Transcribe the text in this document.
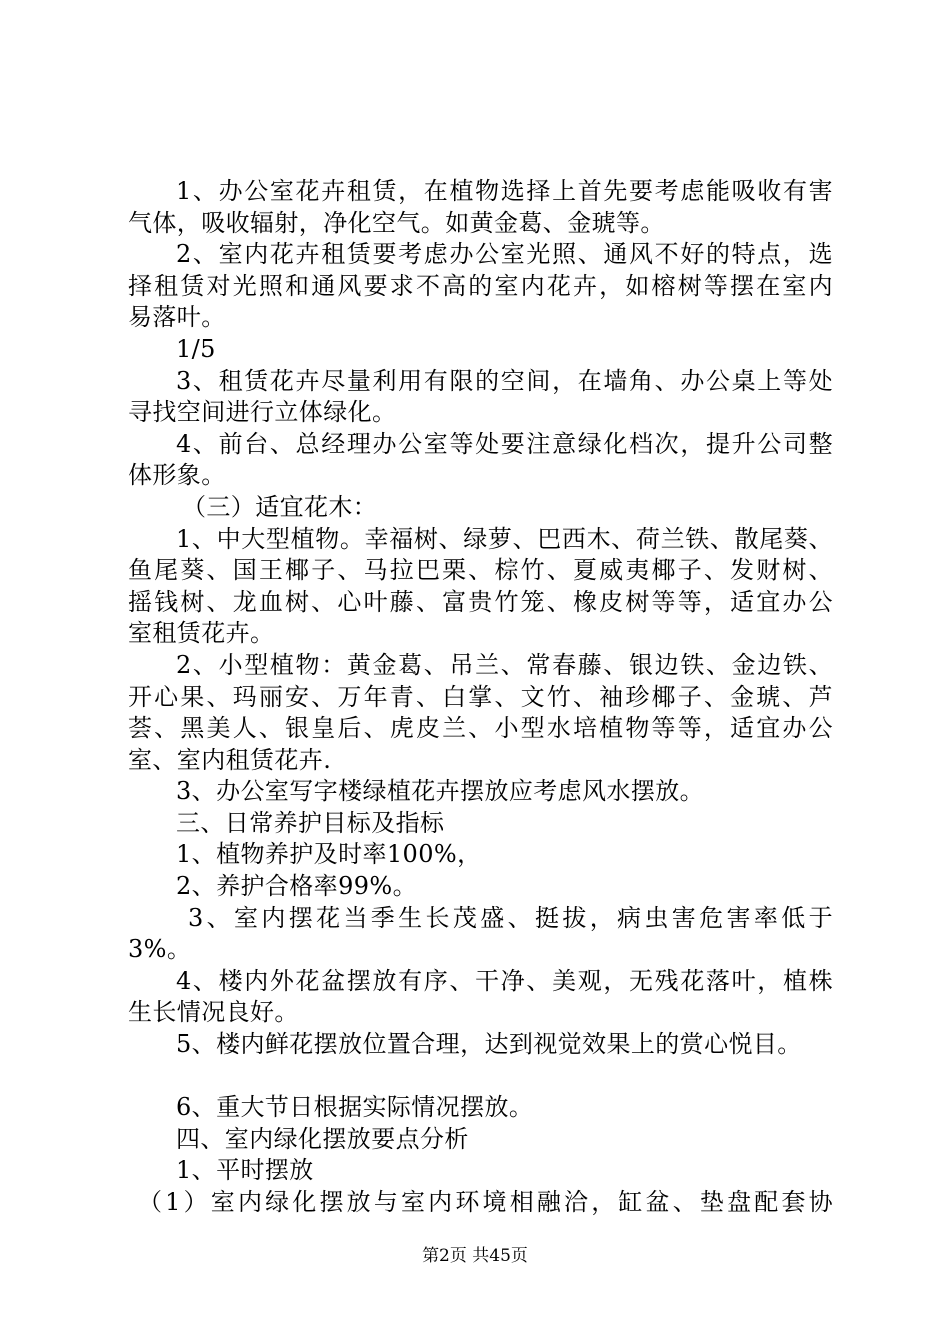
1、办公室花卉租赁，在植物选择上首先要考虑能吸收有害
气体，吸收辐射，净化空气。如黄金葛、金琥等。
2、室内花卉租赁要考虑办公室光照、通风不好的特点，选
择租赁对光照和通风要求不高的室内花卉，如榕树等摆在室内
易落叶。
1/5
3、租赁花卉尽量利用有限的空间，在墙角、办公桌上等处
寻找空间进行立体绿化。
4、前台、总经理办公室等处要注意绿化档次，提升公司整
体形象。
（三）适宜花木：
1、中大型植物。幸福树、绿萝、巴西木、荷兰铁、散尾葵、
鱼尾葵、国王椰子、马拉巴栗、棕竹、夏威夷椰子、发财树、
摇钱树、龙血树、心叶藤、富贵竹笼、橡皮树等等，适宜办公
室租赁花卉。
2、小型植物：黄金葛、吊兰、常春藤、银边铁、金边铁、
开心果、玛丽安、万年青、白掌、文竹、袖珍椰子、金琥、芦
荟、黑美人、银皇后、虎皮兰、小型水培植物等等，适宜办公
室、室内租赁花卉.
3、办公室写字楼绿植花卉摆放应考虑风水摆放。
三、日常养护目标及指标
1、植物养护及时率100%，
2、养护合格率99%。
3、室内摆花当季生长茂盛、挺拔，病虫害危害率低于
3%。
4、楼内外花盆摆放有序、干净、美观，无残花落叶，植株
生长情况良好。
5、楼内鲜花摆放位置合理，达到视觉效果上的赏心悦目。
6、重大节日根据实际情况摆放。
四、室内绿化摆放要点分析
1、平时摆放
（1）室内绿化摆放与室内环境相融洽，缸盆、垫盘配套协
第2页 共45页
